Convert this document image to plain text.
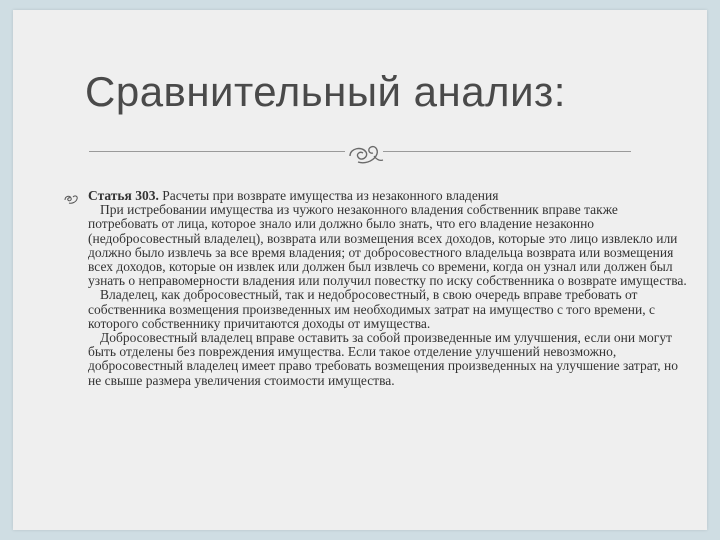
Сравнительный анализ:

Статья 303. Расчеты при возврате имущества из незаконного владения

При истребовании имущества из чужого незаконного владения собственник вправе также потребовать от лица, которое знало или должно было знать, что его владение незаконно (недобросовестный владелец), возврата или возмещения всех доходов, которые это лицо извлекло или должно было извлечь за все время владения; от добросовестного владельца возврата или возмещения всех доходов, которые он извлек или должен был извлечь со времени, когда он узнал или должен был узнать о неправомерности владения или получил повестку по иску собственника о возврате имущества.

Владелец, как добросовестный, так и недобросовестный, в свою очередь вправе требовать от собственника возмещения произведенных им необходимых затрат на имущество с того времени, с которого собственнику причитаются доходы от имущества.

Добросовестный владелец вправе оставить за собой произведенные им улучшения, если они могут быть отделены без повреждения имущества. Если такое отделение улучшений невозможно, добросовестный владелец имеет право требовать возмещения произведенных на улучшение затрат, но не свыше размера увеличения стоимости имущества.
